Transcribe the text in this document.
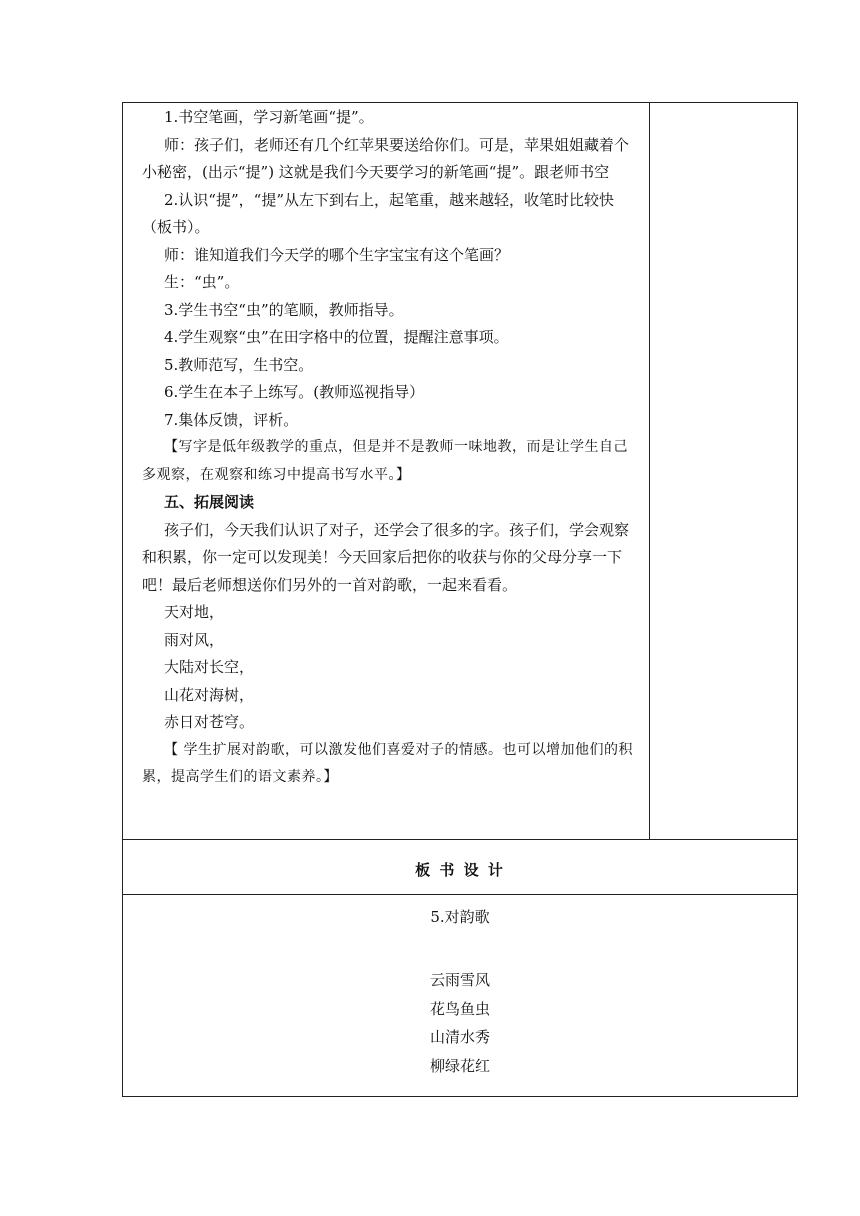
1.书空笔画，学习新笔画“提”。

师：孩子们，老师还有几个红苹果要送给你们。可是，苹果姐姐藏着个小秘密，(出示“提”) 这就是我们今天要学习的新笔画“提”。跟老师书空

2.认识“提”，“提”从左下到右上，起笔重，越来越轻，收笔时比较快（板书）。

师：谁知道我们今天学的哪个生字宝宝有这个笔画？

生：“虫”。

3.学生书空“虫”的笔顺，教师指导。

4.学生观察“虫”在田字格中的位置，提醒注意事项。

5.教师范写，生书空。

6.学生在本子上练写。(教师巡视指导）

7.集体反馈，评析。

【写字是低年级教学的重点，但是并不是教师一味地教，而是让学生自己多观察，在观察和练习中提高书写水平。】

五、拓展阅读

孩子们，今天我们认识了对子，还学会了很多的字。孩子们，学会观察和积累，你一定可以发现美！今天回家后把你的收获与你的父母分享一下吧！最后老师想送你们另外的一首对韵歌，一起来看看。

天对地，

雨对风，

大陆对长空，

山花对海树，

赤日对苍穹。

【 学生扩展对韵歌，可以激发他们喜爱对子的情感。也可以增加他们的积累，提高学生们的语文素养。】

板 书 设 计
5.对韵歌
云雨雪风
花鸟鱼虫
山清水秀
柳绿花红
